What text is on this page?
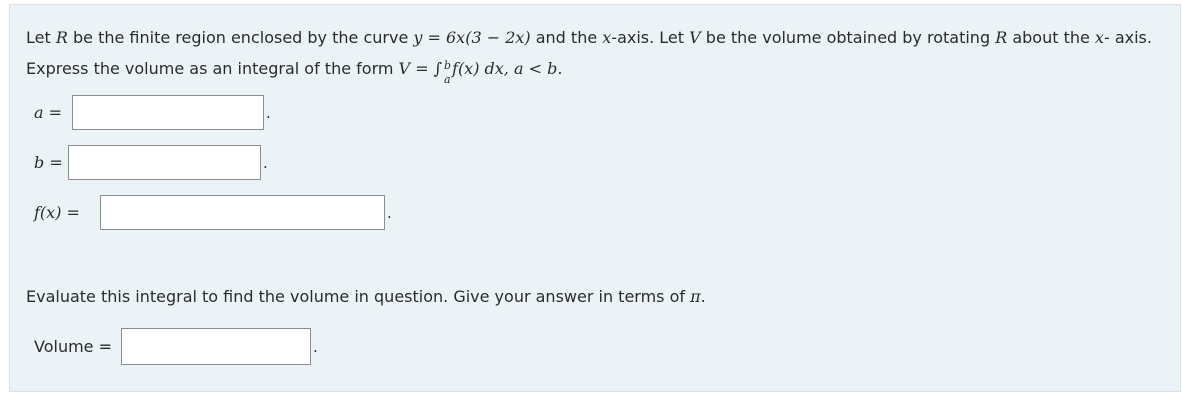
Let R be the finite region enclosed by the curve y = 6x(3 − 2x) and the x-axis. Let V be the volume obtained by rotating R about the x- axis. Express the volume as an integral of the form V = ∫ b
a
f(x) dx, a < b.
a =	.
b =	.
f(x) =	.
Evaluate this integral to find the volume in question. Give your answer in terms of π.
Volume =	.
